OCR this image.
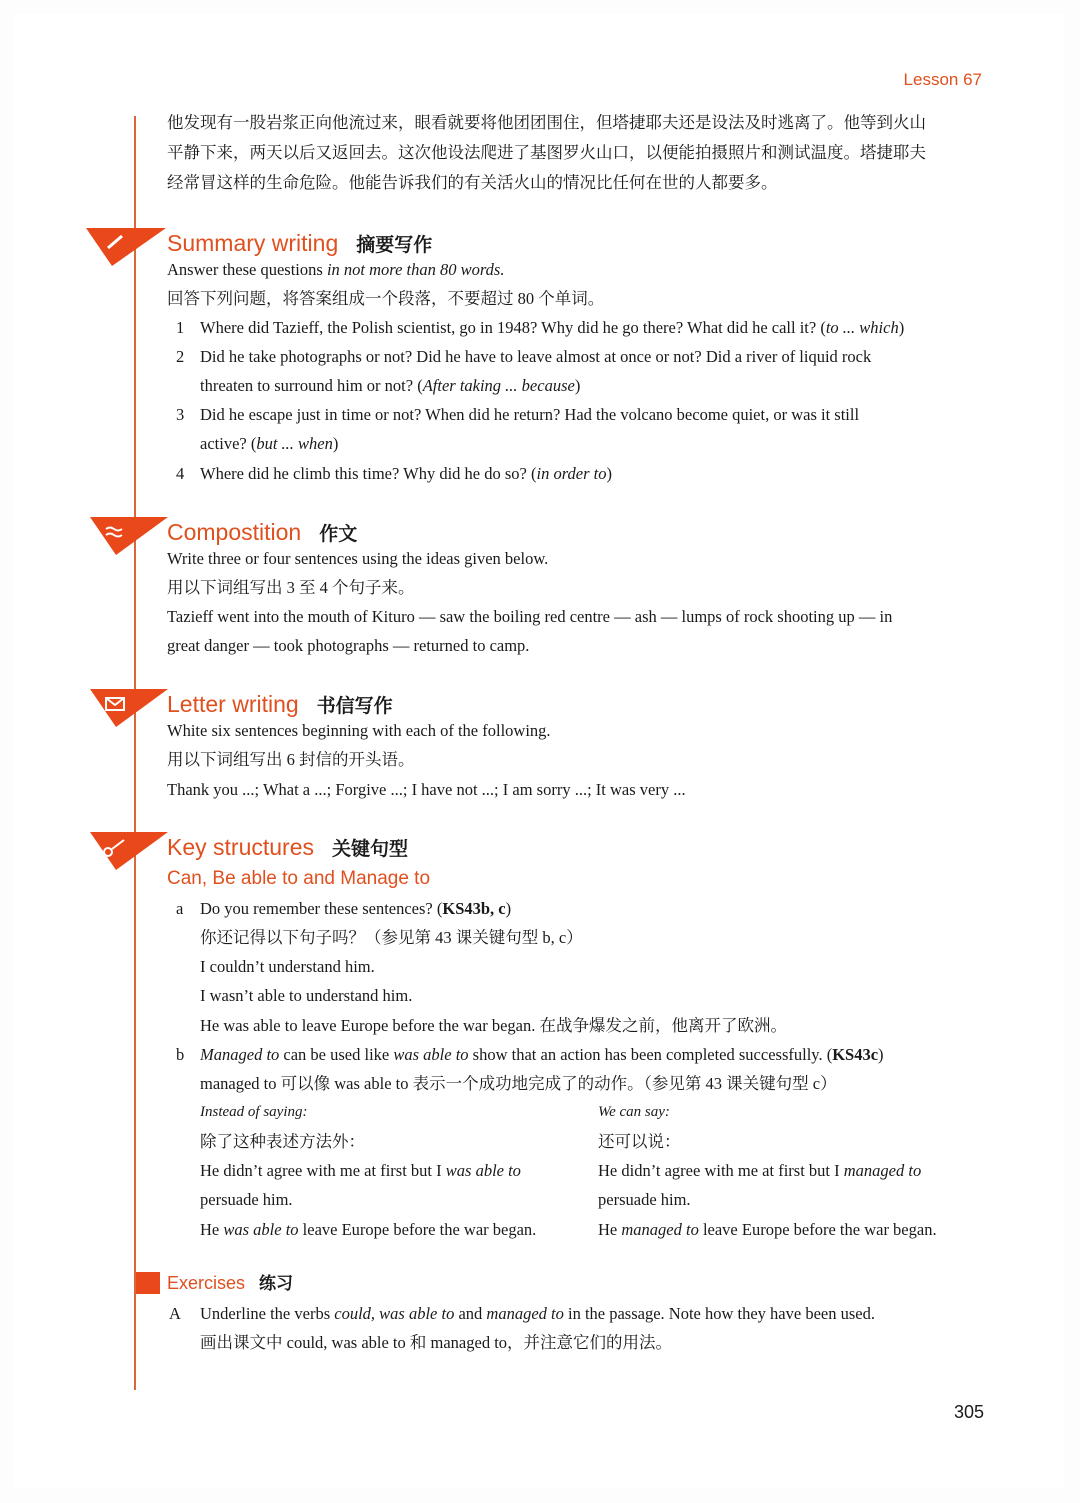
Lesson 67
他发现有一股岩浆正向他流过来，眼看就要将他团团围住，但塔捷耶夫还是设法及时逃离了。他等到火山
平静下来，两天以后又返回去。这次他设法爬进了基图罗火山口，以便能拍摄照片和测试温度。塔捷耶夫
经常冒这样的生命危险。他能告诉我们的有关活火山的情况比任何在世的人都要多。
Summary writing 摘要写作
Answer these questions in not more than 80 words.
回答下列问题，将答案组成一个段落，不要超过 80 个单词。
1 Where did Tazieff, the Polish scientist, go in 1948? Why did he go there? What did he call it? (to ... which)
2 Did he take photographs or not? Did he have to leave almost at once or not? Did a river of liquid rock
threaten to surround him or not? (After taking ... because)
3 Did he escape just in time or not? When did he return? Had the volcano become quiet, or was it still
active? (but ... when)
4 Where did he climb this time? Why did he do so? (in order to)
Compostition 作文
Write three or four sentences using the ideas given below.
用以下词组写出 3 至 4 个句子来。
Tazieff went into the mouth of Kituro — saw the boiling red centre — ash — lumps of rock shooting up — in
great danger — took photographs — returned to camp.
Letter writing 书信写作
White six sentences beginning with each of the following.
用以下词组写出 6 封信的开头语。
Thank you ...; What a ...; Forgive ...; I have not ...; I am sorry ...; It was very ...
Key structures 关键句型
Can, Be able to and Manage to
a Do you remember these sentences? (KS43b, c)
你还记得以下句子吗？（参见第 43 课关键句型 b, c）
I couldn’t understand him.
I wasn’t able to understand him.
He was able to leave Europe before the war began. 在战争爆发之前，他离开了欧洲。
b Managed to can be used like was able to show that an action has been completed successfully. (KS43c)
managed to 可以像 was able to 表示一个成功地完成了的动作。（参见第 43 课关键句型 c）
Instead of saying:
除了这种表述方法外：
He didn’t agree with me at first but I was able to
persuade him.
He was able to leave Europe before the war began.
We can say:
还可以说：
He didn’t agree with me at first but I managed to
persuade him.
He managed to leave Europe before the war began.
Exercises 练习
A Underline the verbs could, was able to and managed to in the passage. Note how they have been used.
画出课文中 could, was able to 和 managed to，并注意它们的用法。
305
